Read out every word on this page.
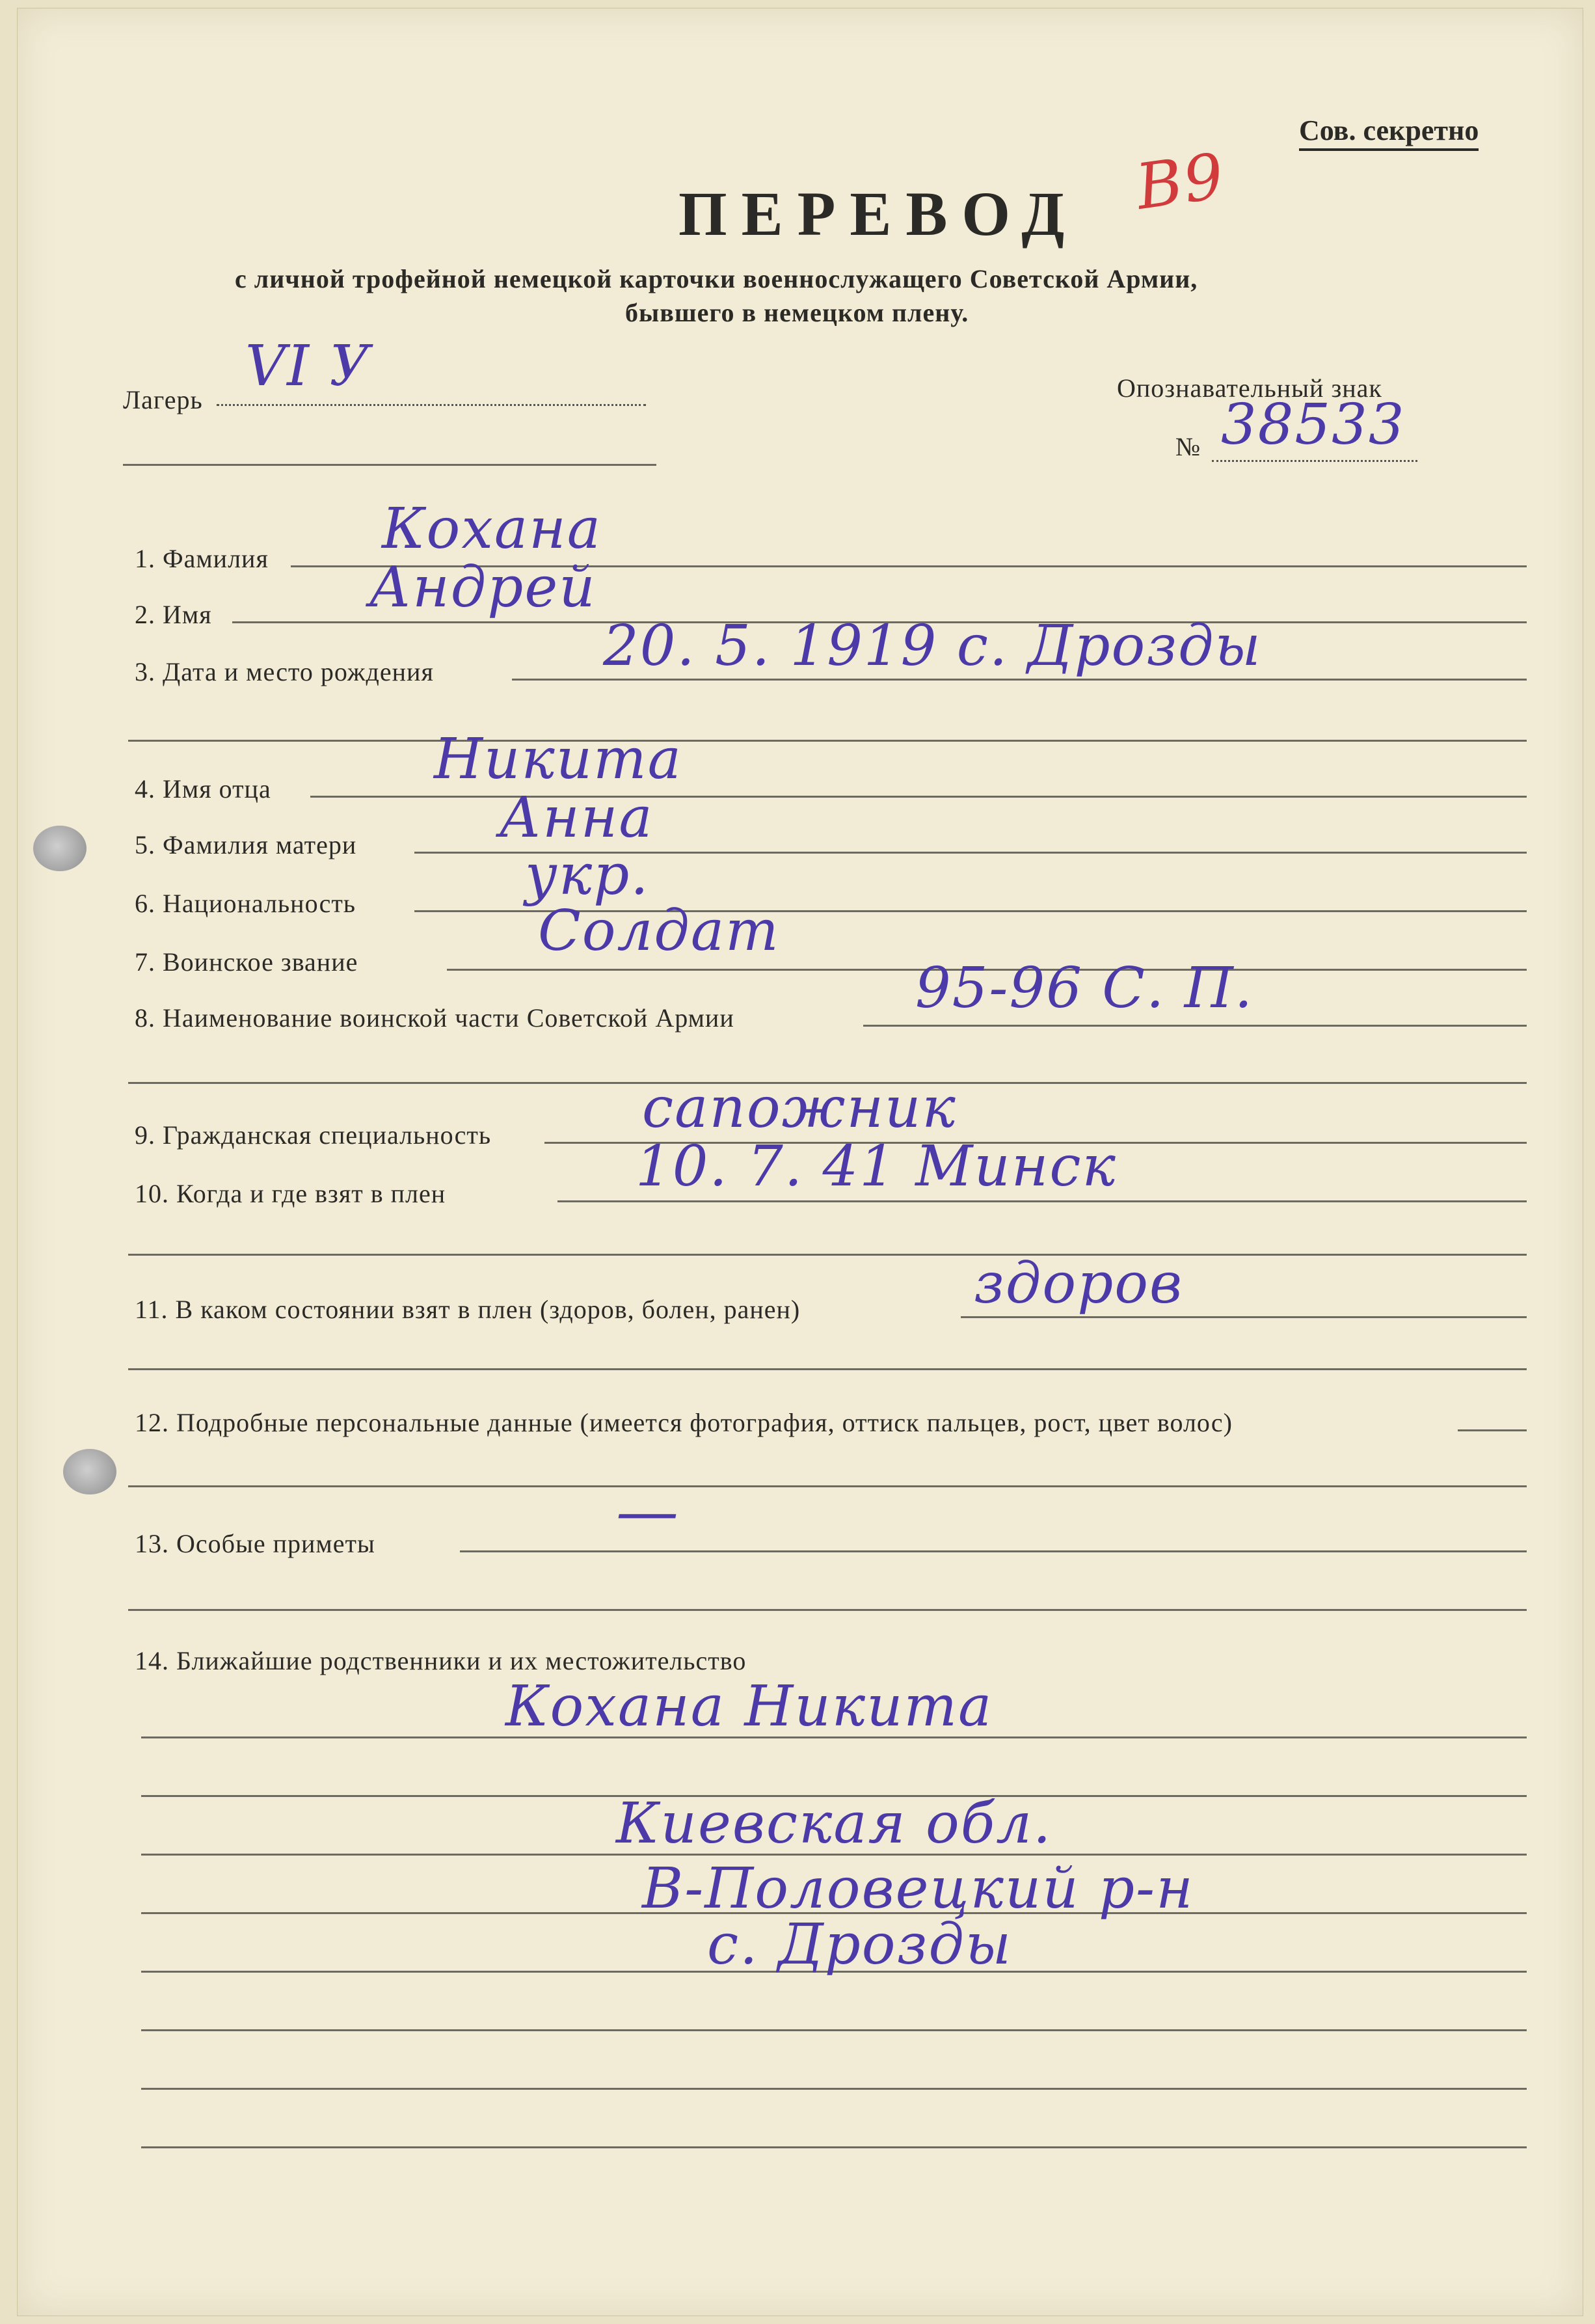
Сов. секретно
В9
ПЕРЕВОД
с личной трофейной немецкой карточки военнослужащего Советской Армии,
бывшего в немецком плену.
Лагерь
VI У	Опознавательный знак
№ 38533
1. Фамилия Кохана
2. Имя	Андрей
3. Дата и место рождения	20. 5. 1919 с. Дрозды
4. Имя отца	Никита
5. Фамилия матери	Анна
6. Национальность	укр.
7. Воинское звание	Солдат
8. Наименование воинской части Советской Армии	95-96 С. П.
9. Гражданская специальность	сапожник
10. Когда и где взят в плен	10. 7. 41 Минск
11. В каком состоянии взят в плен (здоров, болен, ранен)	здоров
12. Подробные персональные данные (имеется фотография, оттиск пальцев, рост, цвет волос)
13. Особые приметы	—
14. Ближайшие родственники и их местожительство
Кохана Никита
Киевская обл.
В-Половецкий р-н
с. Дрозды
